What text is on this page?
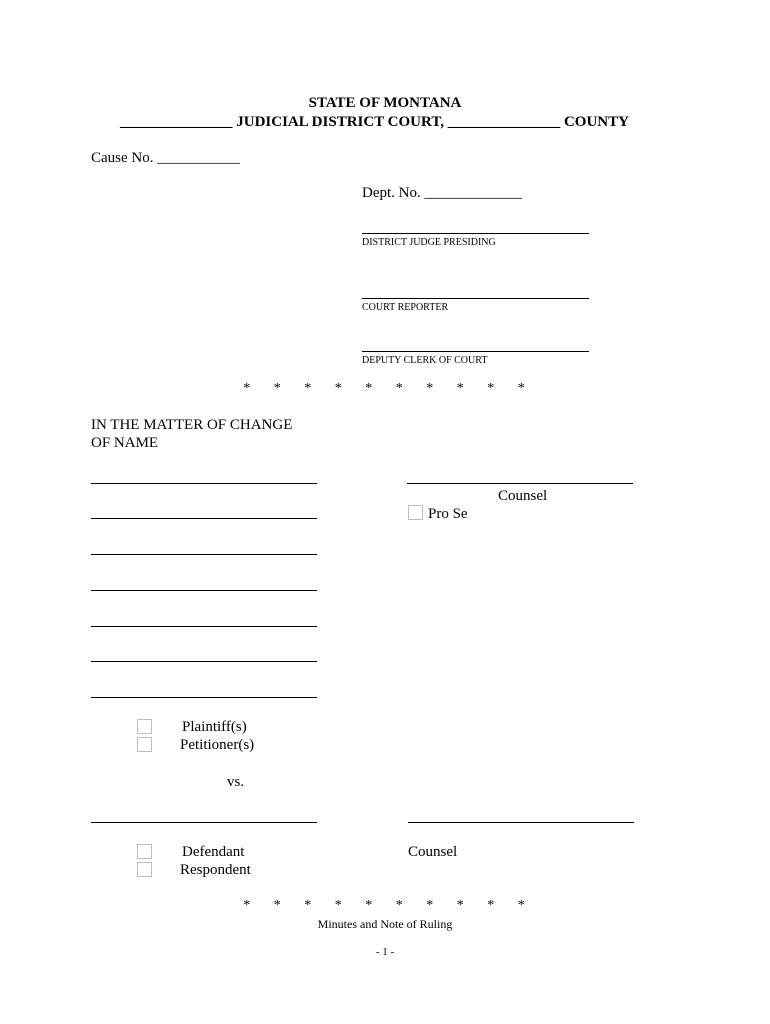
STATE OF MONTANA
_______________ JUDICIAL DISTRICT COURT, _______________ COUNTY
Cause No. ___________
Dept. No. _____________
DISTRICT JUDGE PRESIDING
COURT REPORTER
DEPUTY CLERK OF COURT
* * * * * * * * * *
IN THE MATTER OF CHANGE
OF NAME
Counsel
Pro Se
Plaintiff(s)
Petitioner(s)
vs.
Defendant
Respondent
Counsel
* * * * * * * * * *
Minutes and Note of Ruling
- 1 -
